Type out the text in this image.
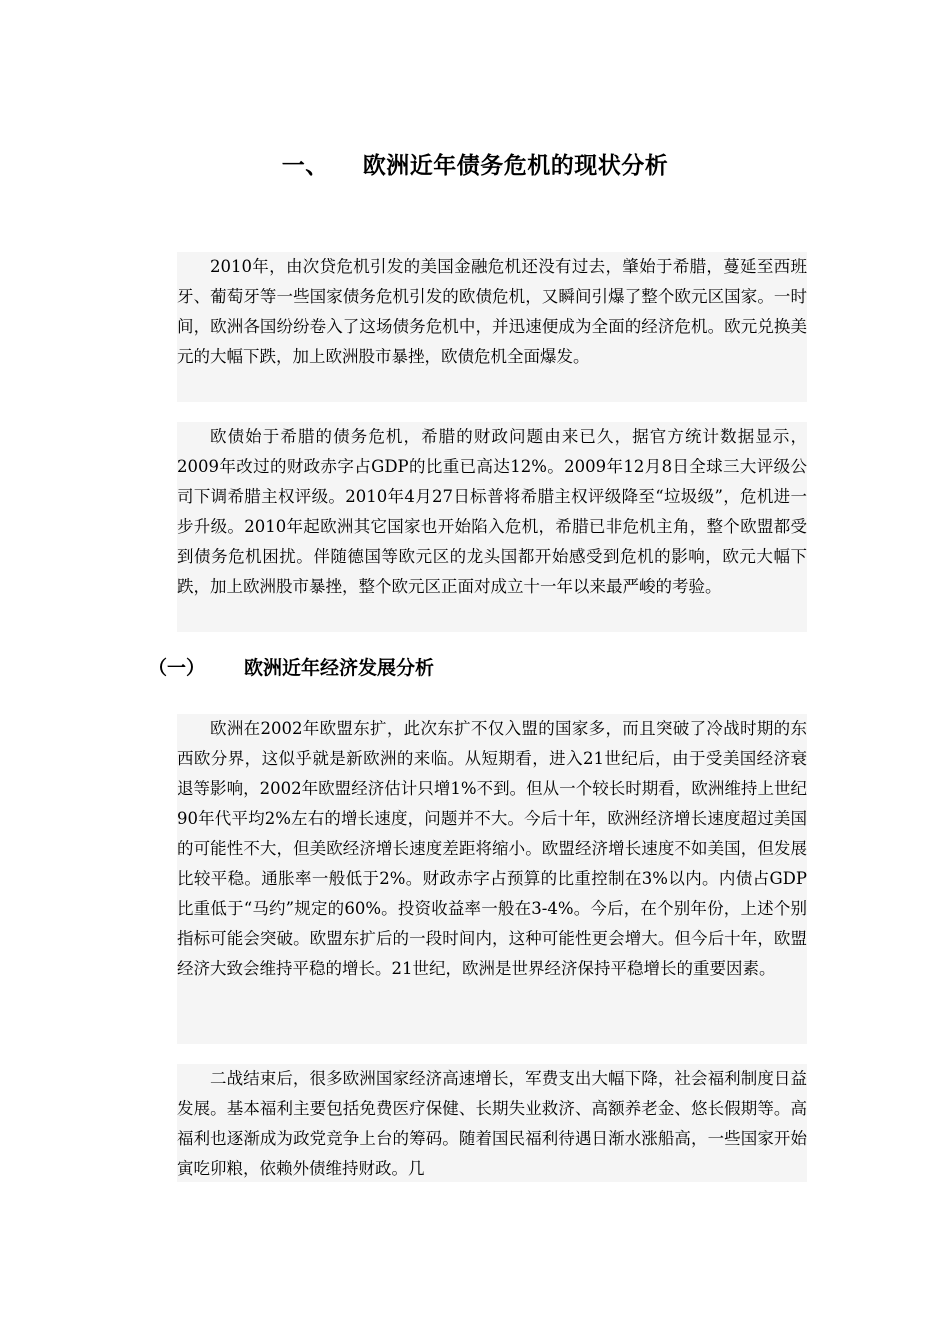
一、 欧洲近年债务危机的现状分析

2010年，由次贷危机引发的美国金融危机还没有过去，肇始于希腊，蔓延至西班牙、葡萄牙等一些国家债务危机引发的欧债危机，又瞬间引爆了整个欧元区国家。一时间，欧洲各国纷纷卷入了这场债务危机中，并迅速便成为全面的经济危机。欧元兑换美元的大幅下跌，加上欧洲股市暴挫，欧债危机全面爆发。

欧债始于希腊的债务危机，希腊的财政问题由来已久，据官方统计数据显示，2009年改过的财政赤字占GDP的比重已高达12%。2009年12月8日全球三大评级公司下调希腊主权评级。2010年4月27日标普将希腊主权评级降至“垃圾级”，危机进一步升级。2010年起欧洲其它国家也开始陷入危机，希腊已非危机主角，整个欧盟都受到债务危机困扰。伴随德国等欧元区的龙头国都开始感受到危机的影响，欧元大幅下跌，加上欧洲股市暴挫，整个欧元区正面对成立十一年以来最严峻的考验。

（一） 欧洲近年经济发展分析

欧洲在2002年欧盟东扩，此次东扩不仅入盟的国家多，而且突破了冷战时期的东西欧分界，这似乎就是新欧洲的来临。从短期看，进入21世纪后，由于受美国经济衰退等影响，2002年欧盟经济估计只增1%不到。但从一个较长时期看，欧洲维持上世纪90年代平均2%左右的增长速度，问题并不大。今后十年，欧洲经济增长速度超过美国的可能性不大，但美欧经济增长速度差距将缩小。欧盟经济增长速度不如美国，但发展比较平稳。通胀率一般低于2%。财政赤字占预算的比重控制在3%以内。内债占GDP比重低于“马约”规定的60%。投资收益率一般在3-4%。今后，在个别年份，上述个别指标可能会突破。欧盟东扩后的一段时间内，这种可能性更会增大。但今后十年，欧盟经济大致会维持平稳的增长。21世纪，欧洲是世界经济保持平稳增长的重要因素。

二战结束后，很多欧洲国家经济高速增长，军费支出大幅下降，社会福利制度日益发展。基本福利主要包括免费医疗保健、长期失业救济、高额养老金、悠长假期等。高福利也逐渐成为政党竞争上台的筹码。随着国民福利待遇日渐水涨船高，一些国家开始寅吃卯粮，依赖外债维持财政。几
